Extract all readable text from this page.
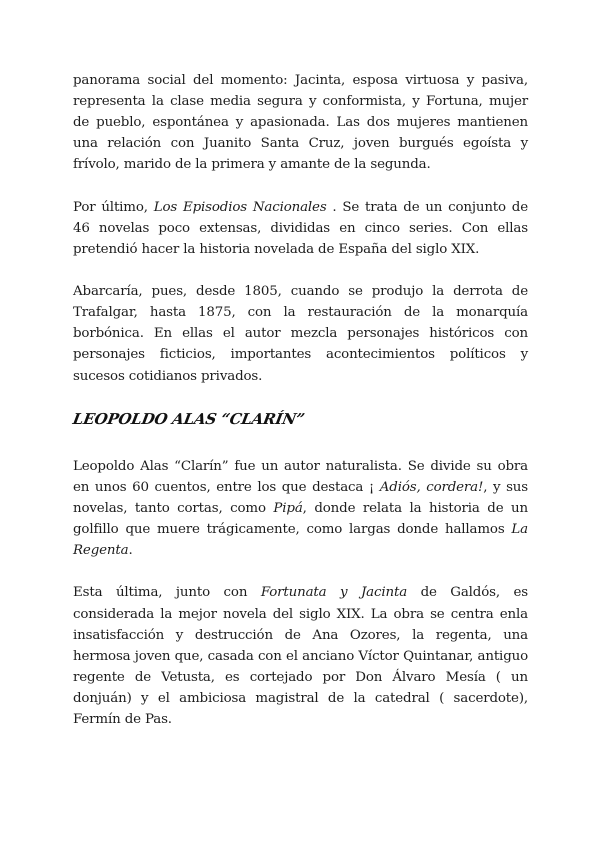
panorama social del momento: Jacinta, esposa virtuosa y pasiva, representa la clase media segura y conformista, y Fortuna, mujer de pueblo, espontánea y apasionada. Las dos mujeres mantienen una relación con Juanito Santa Cruz, joven burgués egoísta y frívolo, marido de la primera y amante de la segunda.

Por último, Los Episodios Nacionales . Se trata de un conjunto de 46 novelas poco extensas, divididas en cinco series. Con ellas pretendió hacer la historia novelada de España del siglo XIX.

Abarcaría, pues, desde 1805, cuando se produjo la derrota de Trafalgar, hasta 1875, con la restauración de la monarquía borbónica. En ellas el autor mezcla personajes históricos con personajes ficticios, importantes acontecimientos políticos y sucesos cotidianos privados.

LEOPOLDO ALAS “CLARÍN”

Leopoldo Alas “Clarín” fue un autor naturalista. Se divide su obra en unos 60 cuentos, entre los que destaca ¡ Adiós, cordera!, y sus novelas, tanto cortas, como Pipá, donde relata la historia de un golfillo que muere trágicamente, como largas donde hallamos La Regenta.

Esta última, junto con Fortunata y Jacinta de Galdós, es considerada la mejor novela del siglo XIX. La obra se centra enla insatisfacción y destrucción de Ana Ozores, la regenta, una hermosa joven que, casada con el anciano Víctor Quintanar, antiguo regente de Vetusta, es cortejado por Don Álvaro Mesía ( un donjuán) y el ambiciosa magistral de la catedral ( sacerdote), Fermín de Pas.
